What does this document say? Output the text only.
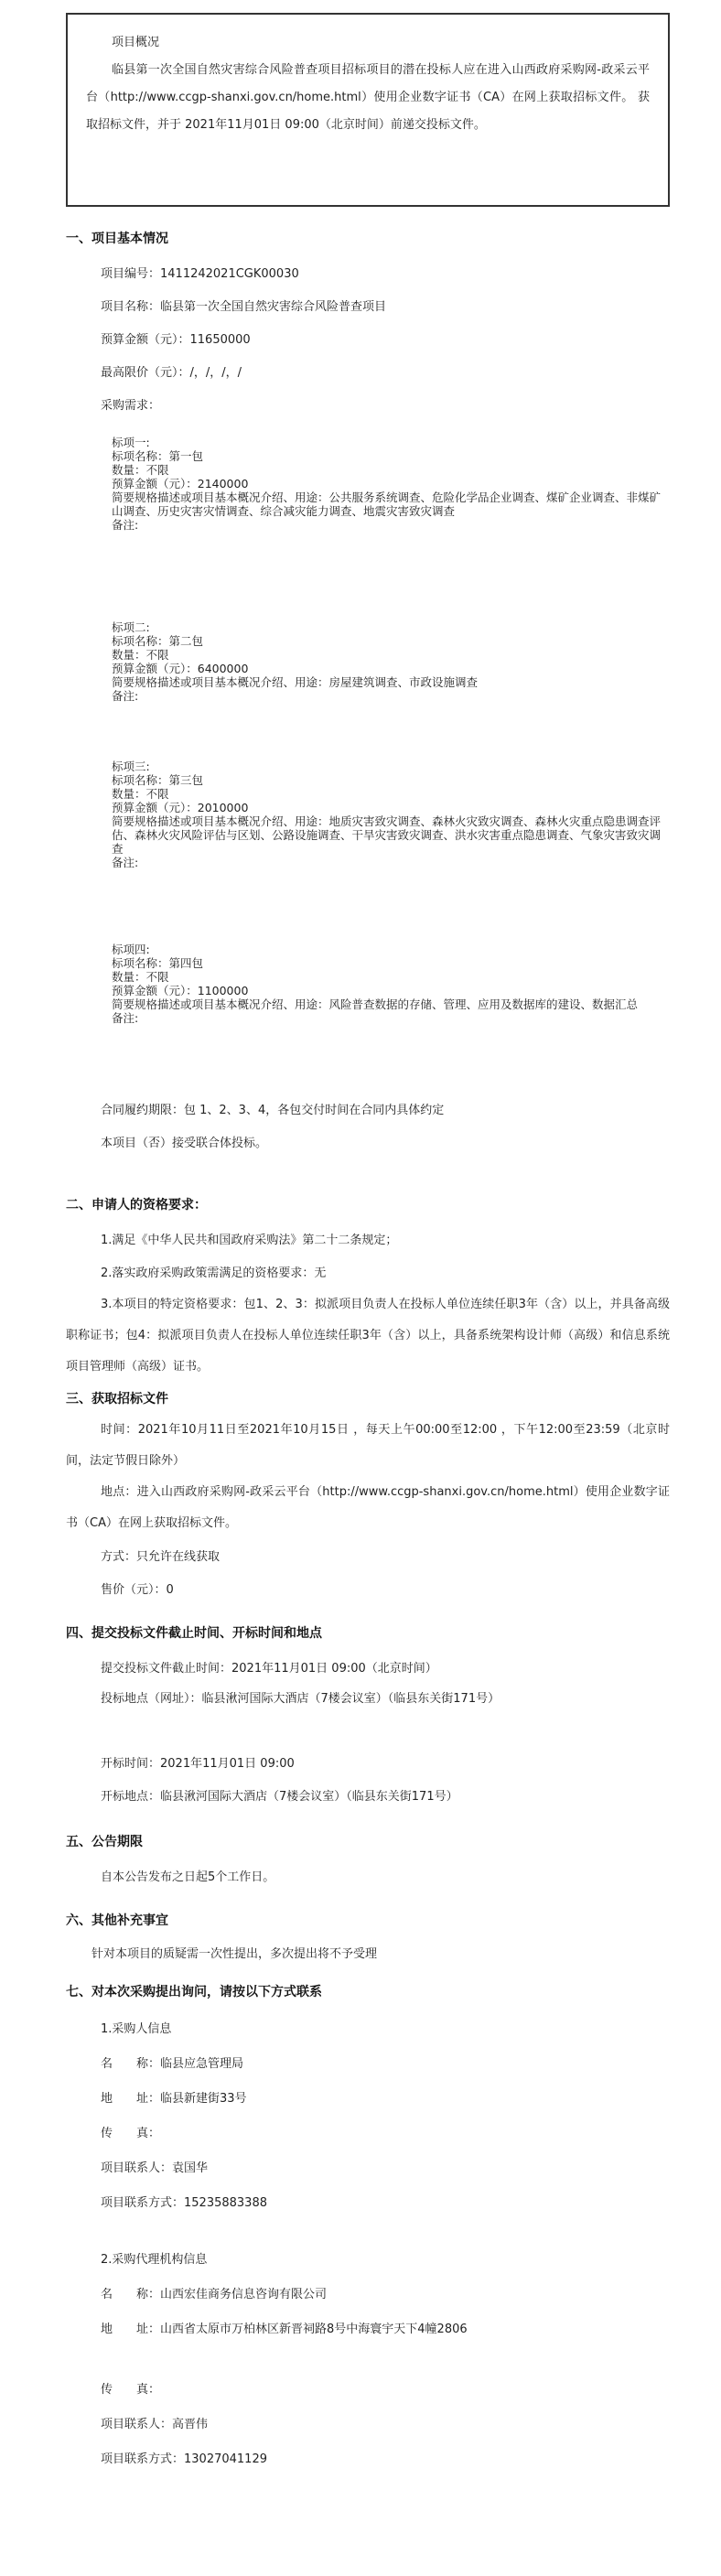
项目概况
临县第一次全国自然灾害综合风险普查项目招标项目的潜在投标人应在进入山西政府采购网-政采云平台（http://www.ccgp-shanxi.gov.cn/home.html）使用企业数字证书（CA）在网上获取招标文件。 获取招标文件，并于 2021年11月01日 09:00（北京时间）前递交投标文件。
一、项目基本情况
项目编号：1411242021CGK00030
项目名称：临县第一次全国自然灾害综合风险普查项目
预算金额（元）：11650000
最高限价（元）：/，/，/，/
采购需求：
标项一:
标项名称：第一包
数量：不限
预算金额（元）：2140000
简要规格描述或项目基本概况介绍、用途：公共服务系统调查、危险化学品企业调查、煤矿企业调查、非煤矿山调查、历史灾害灾情调查、综合减灾能力调查、地震灾害致灾调查
备注:
标项二:
标项名称：第二包
数量：不限
预算金额（元）：6400000
简要规格描述或项目基本概况介绍、用途：房屋建筑调查、市政设施调查
备注:
标项三:
标项名称：第三包
数量：不限
预算金额（元）：2010000
简要规格描述或项目基本概况介绍、用途：地质灾害致灾调查、森林火灾致灾调查、森林火灾重点隐患调查评估、森林火灾风险评估与区划、公路设施调查、干旱灾害致灾调查、洪水灾害重点隐患调查、气象灾害致灾调查
备注:
标项四:
标项名称：第四包
数量：不限
预算金额（元）：1100000
简要规格描述或项目基本概况介绍、用途：风险普查数据的存储、管理、应用及数据库的建设、数据汇总
备注:
合同履约期限：包 1、2、3、4，各包交付时间在合同内具体约定
本项目（否）接受联合体投标。
二、申请人的资格要求：
1.满足《中华人民共和国政府采购法》第二十二条规定；
2.落实政府采购政策需满足的资格要求：无
3.本项目的特定资格要求：包1、2、3：拟派项目负责人在投标人单位连续任职3年（含）以上，并具备高级职称证书；包4：拟派项目负责人在投标人单位连续任职3年（含）以上，具备系统架构设计师（高级）和信息系统项目管理师（高级）证书。
三、获取招标文件
时间：2021年10月11日至2021年10月15日 ，每天上午00:00至12:00 ，下午12:00至23:59（北京时间，法定节假日除外）
地点：进入山西政府采购网-政采云平台（http://www.ccgp-shanxi.gov.cn/home.html）使用企业数字证书（CA）在网上获取招标文件。
方式：只允许在线获取
售价（元）：0
四、提交投标文件截止时间、开标时间和地点
提交投标文件截止时间：2021年11月01日 09:00（北京时间）
投标地点（网址）：临县湫河国际大酒店（7楼会议室）（临县东关街171号）
开标时间：2021年11月01日 09:00
开标地点：临县湫河国际大酒店（7楼会议室）（临县东关街171号）
五、公告期限
自本公告发布之日起5个工作日。
六、其他补充事宜
针对本项目的质疑需一次性提出，多次提出将不予受理
七、对本次采购提出询问，请按以下方式联系
1.采购人信息
名　　称：临县应急管理局
地　　址：临县新建街33号
传　　真：
项目联系人：袁国华
项目联系方式：15235883388
2.采购代理机构信息
名　　称：山西宏佳商务信息咨询有限公司
地　　址：山西省太原市万柏林区新晋祠路8号中海寰宇天下4幢2806
传　　真：
项目联系人：高晋伟
项目联系方式：13027041129
